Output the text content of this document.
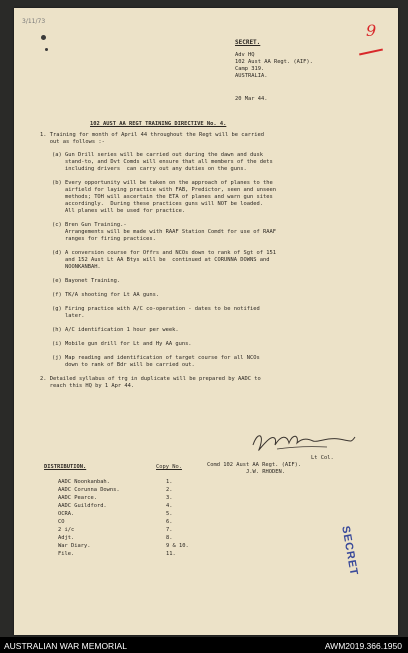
3/11/73	9
SECRET.
Adv HQ
102 Aust AA Regt. (AIF).
Camp 319.
AUSTRALIA.
20 Mar 44.
102 AUST AA REGT TRAINING DIRECTIVE No. 4.
1. Training for month of April 44 throughout the Regt will be carried
out as follows :-
(a) Gun Drill series will be carried out during the dawn and dusk
stand-to, and Dvt Comds will ensure that all members of the dets
including drivers  can carry out any duties on the guns.
(b) Every opportunity will be taken on the approach of planes to the
airfield for laying practice with FAB, Predictor, seen and unseen
methods; TOH will ascertain the ETA of planes and warn gun sites
accordingly.  During these practices guns will NOT be loaded.
All planes will be used for practice.
(c) Bren Gun Training.-
Arrangements will be made with RAAF Station Comdt for use of RAAF
ranges for firing practices.
(d) A conversion course for Offrs and NCOs down to rank of Sgt of 151
and 152 Aust Lt AA Btys will be  continued at CORUNNA DOWNS and
NOONKANBAH.
(e) Bayonet Training.
(f) TK/A shooting for Lt AA guns.
(g) Firing practice with A/C co-operation - dates to be notified
later.
(h) A/C identification 1 hour per week.
(i) Mobile gun drill for Lt and Hy AA guns.
(j) Map reading and identification of target course for all NCOs
down to rank of Bdr will be carried out.
2. Detailed syllabus of trg in duplicate will be prepared by AADC to
reach this HQ by 1 Apr 44.
Lt Col.
Comd 102 Aust AA Regt. (AIF).
J.W. RHODEN.
DISTRIBUTION.	Copy No.
AADC Noonkanbah.	1.
AADC Corunna Downs.	2.
AADC Pearce.	3.
AADC Guildford.	4.
OCRA.	5.
CO	6.
2 i/c	7.
Adjt.	8.
War Diary.	9 & 10.
File.	11.	SECRET
AUSTRALIAN WAR MEMORIAL	AWM2019.366.1950
